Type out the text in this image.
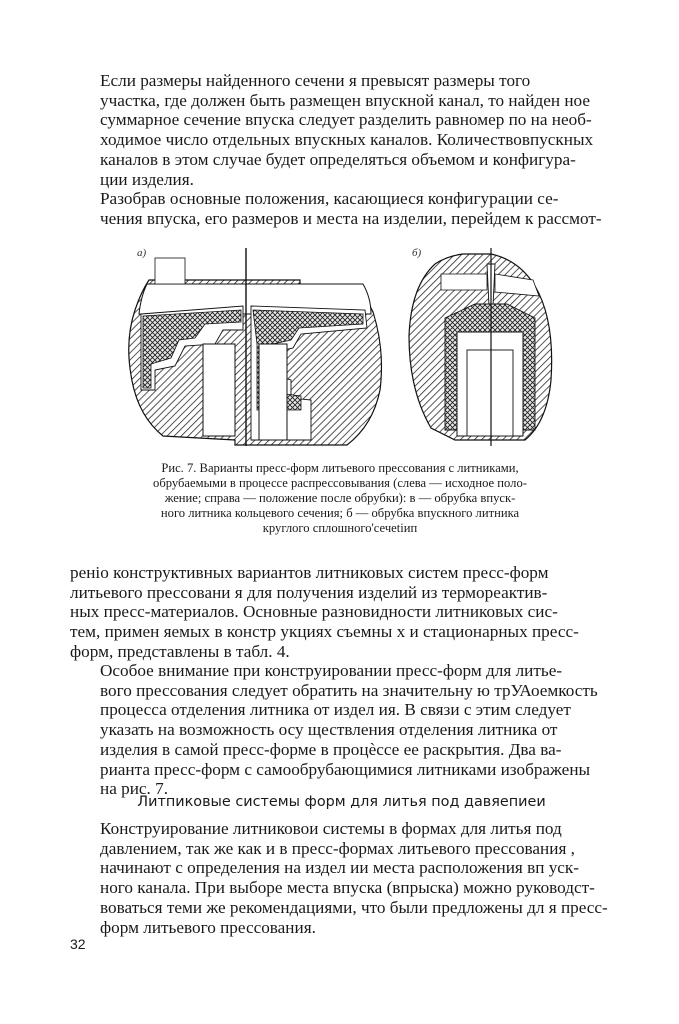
Если размеры найденного сечени я превысят размеры того
участка, где должен быть размещен впускной канал, то найден ное
суммарное сечение впуска следует разделить равномер по на необ-
ходимое число отдельных впускных каналов. Количествовпускных
каналов в этом случае будет определяться объемом и конфигура-
ции изделия.

Разобрав основные положения, касающиеся конфигурации се-
чения впуска, его размеров и места на изделии, перейдем к рассмот-

а)	б)
Рис. 7. Варианты пресс-форм литьевого прессования с литниками,
обрубаемыми в процессе распрессовывания (слева — исходное поло-
жение; справа — положение после обрубки): в — обрубка впуск-
ного литника кольцевого сечения; б — обрубка впускного литника
круглого сплошного'сечеtiип

ренiо конструктивных вариантов литниковых систем пресс-форм
литьевого прессовани я для получения изделий из термореактив-
ных пресс-материалов. Основные разновидности литниковых сис-
тем, примен яемых в констр укциях съемны х и стационарных пресс-
форм, представлены в табл. 4.

Особое внимание при конструировании пресс-форм для литье-
вого прессования следует обратить на значительну ю трУАоемкость
процесса отделения литника от издел ия. В связи с этим следует
указать на возможность осу ществления отделения литника от
изделия в самой пресс-форме в процѐссе ее раскрытия. Два ва-
рианта пресс-форм с самообрубающимися литниками изображены
на рис. 7.

Литпиковые системы форм для литья под давяепиеи

Конструирование литниковои системы в формах для литья под
давлением, так же как и в пресс-формах литьевого прессования ,
начинают с определения на издел ии места расположения вп уск-
ного канала. При выборе места впуска (впрыска) можно руководст-
воваться теми же рекомендациями, что были предложены дл я пресс-
форм литьевого прессования.

32
